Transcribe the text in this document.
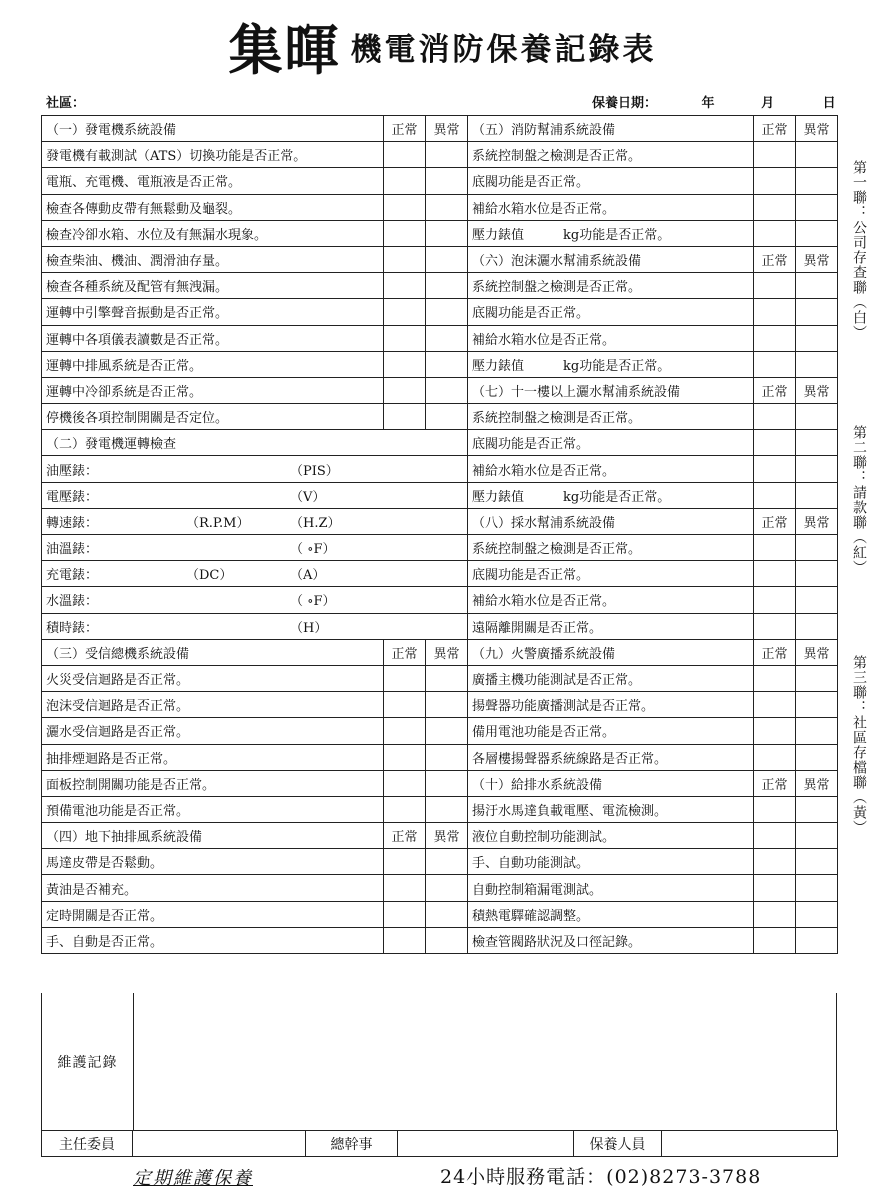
集暉 機電消防保養記錄表
社區：	保養日期：	年	月	日
（一）發電機系統設備	正常	異常	（五）消防幫浦系統設備	正常	異常
發電機有載測試（ATS）切換功能是否正常。			系統控制盤之檢測是否正常。		
電瓶、充電機、電瓶液是否正常。			底閥功能是否正常。		
檢查各傳動皮帶有無鬆動及龜裂。			補給水箱水位是否正常。		
檢查冷卻水箱、水位及有無漏水現象。			壓力錶值　　　kg功能是否正常。		
檢查柴油、機油、潤滑油存量。			（六）泡沫灑水幫浦系統設備	正常	異常
檢查各種系統及配管有無洩漏。			系統控制盤之檢測是否正常。		
運轉中引擎聲音振動是否正常。			底閥功能是否正常。		
運轉中各項儀表讀數是否正常。			補給水箱水位是否正常。		
運轉中排風系統是否正常。			壓力錶值　　　kg功能是否正常。		
運轉中冷卻系統是否正常。			（七）十一樓以上灑水幫浦系統設備	正常	異常
停機後各項控制開關是否定位。			系統控制盤之檢測是否正常。		
（二）發電機運轉檢查			底閥功能是否正常。		
油壓錶： （PIS）			補給水箱水位是否正常。		
電壓錶： （V）			壓力錶值　　　kg功能是否正常。		
轉速錶： （R.P.M） （H.Z）			（八）採水幫浦系統設備	正常	異常
油溫錶： （ ∘F）			系統控制盤之檢測是否正常。		
充電錶： （DC） （A）			底閥功能是否正常。		
水溫錶： （ ∘F）			補給水箱水位是否正常。		
積時錶： （H）			遠隔離開關是否正常。		
（三）受信總機系統設備	正常	異常	（九）火警廣播系統設備	正常	異常
火災受信迴路是否正常。			廣播主機功能測試是否正常。		
泡沫受信迴路是否正常。			揚聲器功能廣播測試是否正常。		
灑水受信迴路是否正常。			備用電池功能是否正常。		
抽排煙迴路是否正常。			各層樓揚聲器系統線路是否正常。		
面板控制開關功能是否正常。			（十）給排水系統設備	正常	異常
預備電池功能是否正常。			揚汙水馬達負載電壓、電流檢測。		
（四）地下抽排風系統設備	正常	異常	液位自動控制功能測試。		
馬達皮帶是否鬆動。			手、自動功能測試。		
黃油是否補充。			自動控制箱漏電測試。		
定時開關是否正常。			積熱電驛確認調整。		
手、自動是否正常。			檢查管閥路狀況及口徑記錄。		
維護記錄
主任委員		總幹事		保養人員	
定期維護保養	24小時服務電話：(02)8273-3788
第一聯：公司存查聯（白）
第二聯：請款聯（紅）
第三聯：社區存檔聯（黃）
